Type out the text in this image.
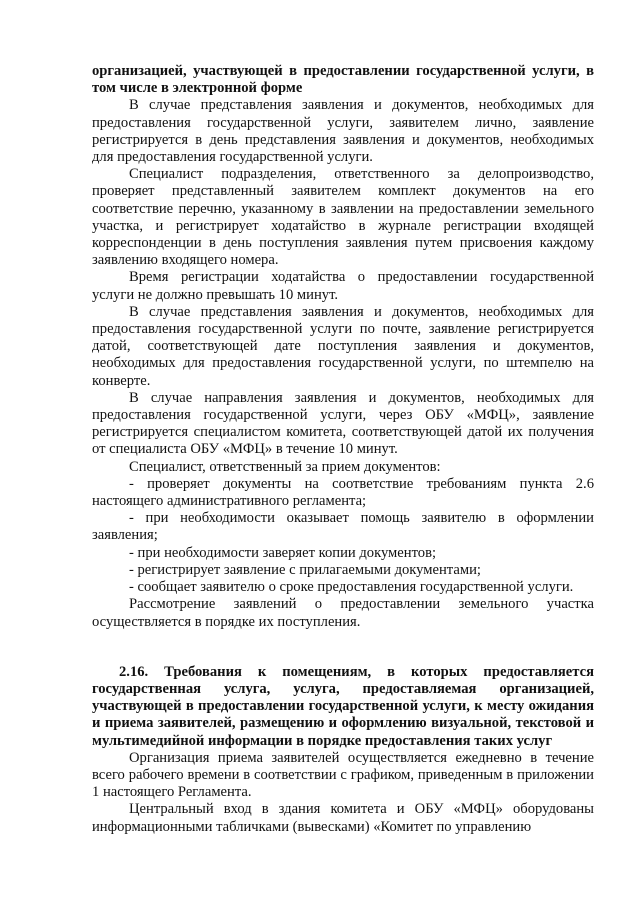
организацией, участвующей в предоставлении государственной услуги, в том числе в электронной форме

В случае представления заявления и документов, необходимых для предоставления государственной услуги, заявителем лично, заявление регистрируется в день представления заявления и документов, необходимых для предоставления государственной услуги.

Специалист подразделения, ответственного за делопроизводство, проверяет представленный заявителем комплект документов на его соответствие перечню, указанному в заявлении на предоставлении земельного участка, и регистрирует ходатайство в журнале регистрации входящей корреспонденции в день поступления заявления путем присвоения каждому заявлению входящего номера.

Время регистрации ходатайства о предоставлении государственной услуги не должно превышать 10 минут.

В случае представления заявления и документов, необходимых для предоставления государственной услуги по почте, заявление регистрируется датой, соответствующей дате поступления заявления и документов, необходимых для предоставления государственной услуги, по штемпелю на конверте.

В случае направления заявления и документов, необходимых для предоставления государственной услуги, через ОБУ «МФЦ», заявление регистрируется специалистом комитета, соответствующей датой их получения от специалиста ОБУ «МФЦ» в течение 10 минут.

Специалист, ответственный за прием документов:

- проверяет документы на соответствие требованиям пункта 2.6 настоящего административного регламента;

- при необходимости оказывает помощь заявителю в оформлении заявления;

- при необходимости заверяет копии документов;

- регистрирует заявление с прилагаемыми документами;

- сообщает заявителю о сроке предоставления государственной услуги.

Рассмотрение заявлений о предоставлении земельного участка осуществляется в порядке их поступления.

2.16. Требования к помещениям, в которых предоставляется государственная услуга, услуга, предоставляемая организацией, участвующей в предоставлении государственной услуги, к месту ожидания и приема заявителей, размещению и оформлению визуальной, текстовой и мультимедийной информации в порядке предоставления таких услуг

Организация приема заявителей осуществляется ежедневно в течение всего рабочего времени в соответствии с графиком, приведенным в приложении 1 настоящего Регламента.

Центральный вход в здания комитета и ОБУ «МФЦ» оборудованы информационными табличками (вывесками) «Комитет по управлению
